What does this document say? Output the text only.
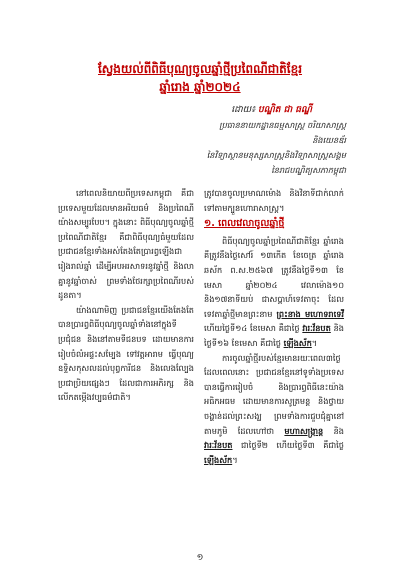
ស្វែងយល់ពីពិធីបុណ្យចូលឆ្នាំថ្មីប្រពៃណីជាតិខ្មែរ
ឆ្នាំរោង ឆ្នាំ២០២៤
ដោយ៖ បណ្ឌិត ជា ធណ្ឌី
ប្រធាននាយកដ្ឋានធម្មសាស្ត្រ ចរិយាសាស្ត្រ និងយេនឌ័រ
នៃវិទ្យាស្ថានមនុស្សសាស្ត្រនិងវិទ្យាសាស្ត្រសង្គម
នៃរាជបណ្ឌិត្យសភាកម្ពុជា

នៅពេលនិយាយពីប្រទេសកម្ពុជា គឺជាប្រទេសមួយដែលមានអរិយធម៌ និងប្រពៃណីយ៉ាងសម្បូរបែប។ ក្នុងនោះ ពិធីបុណ្យចូលឆ្នាំថ្មីប្រពៃណីជាតិខ្មែរ គឺជាពិធីបុណ្យធំមួយដែលប្រជាជនខ្មែរទាំងអស់តែងតែប្រារព្ធឡើងជារៀងរាល់ឆ្នាំ ដើម្បីអបអរសាទរនូវឆ្នាំថ្មី និងលាគ្នានូវឆ្នាំចាស់ ព្រមទាំងថែរក្សាប្រពៃណីរបស់ដូនតា។

យ៉ាងណាមិញ ប្រជាជនខ្មែរយើងតែងតែបានប្រារព្ធពិធីបុណ្យចូលឆ្នាំទាំងនៅក្នុងទីប្រជុំជន និងនៅតាមទីជនបទ ដោយមានការរៀបចំលំអផ្ទះសម្បែង ទៅវត្តអារាម ធ្វើបុណ្យឧទ្ទិសកុសលដល់បុព្វការីជន និងលេងល្បែងប្រជាប្រិយផ្សេងៗ ដែលជាការអភិរក្ស និងលើកតម្កើងវប្បធម៌ជាតិ។

ត្រូវបានចូលប្រមាណម៉ោង និងវិនាទីជាក់លាក់ទៅតាមក្បួនហោរាសាស្ត្រ។

១. ពេលវេលាចូលឆ្នាំថ្មី

ពិធីបុណ្យចូលឆ្នាំប្រពៃណីជាតិខ្មែរ ឆ្នាំរោង គឺត្រូវនឹងថ្ងៃសៅរ៍ ១៣កើត ខែចេត្រ ឆ្នាំរោង ឆស័ក ព.ស.២៥៦៧ ត្រូវនឹងថ្ងៃទី១៣ ខែមេសា ឆ្នាំ២០២៤ វេលាម៉ោង១០ និង១៧នាទីយប់ ជាសប្ដាហ៍ទេវតាចុះ ដែលទេវតាឆ្នាំថ្មីមានព្រះនាម ព្រះនាង មហោទរាទេវី ហើយថ្ងៃទី១៤ ខែមេសា គឺជាថ្ងៃ វារៈវ័នបត និងថ្ងៃទី១៦ ខែមេសា គឺជាថ្ងៃ ឡើងស័ក។

ការចូលឆ្នាំថ្មីរបស់ខ្មែរមានរយៈពេល៣ថ្ងៃ ដែលពេលនោះ ប្រជាជនខ្មែរនៅទូទាំងប្រទេសបានធ្វើការរៀបចំ និងប្រារព្ធពិធីនេះយ៉ាងអធិកអធម ដោយមានការសូត្រមន្ត និងថ្វាយចង្ហាន់ដល់ព្រះសង្ឃ ព្រមទាំងការជួបជុំគ្នានៅតាមភូមិ ដែលហៅថា មហាសង្ក្រាន្ត និង វារៈវ័នបត ជាថ្ងៃទី២ ហើយថ្ងៃទី៣ គឺជាថ្ងៃ ឡើងស័ក។

១
